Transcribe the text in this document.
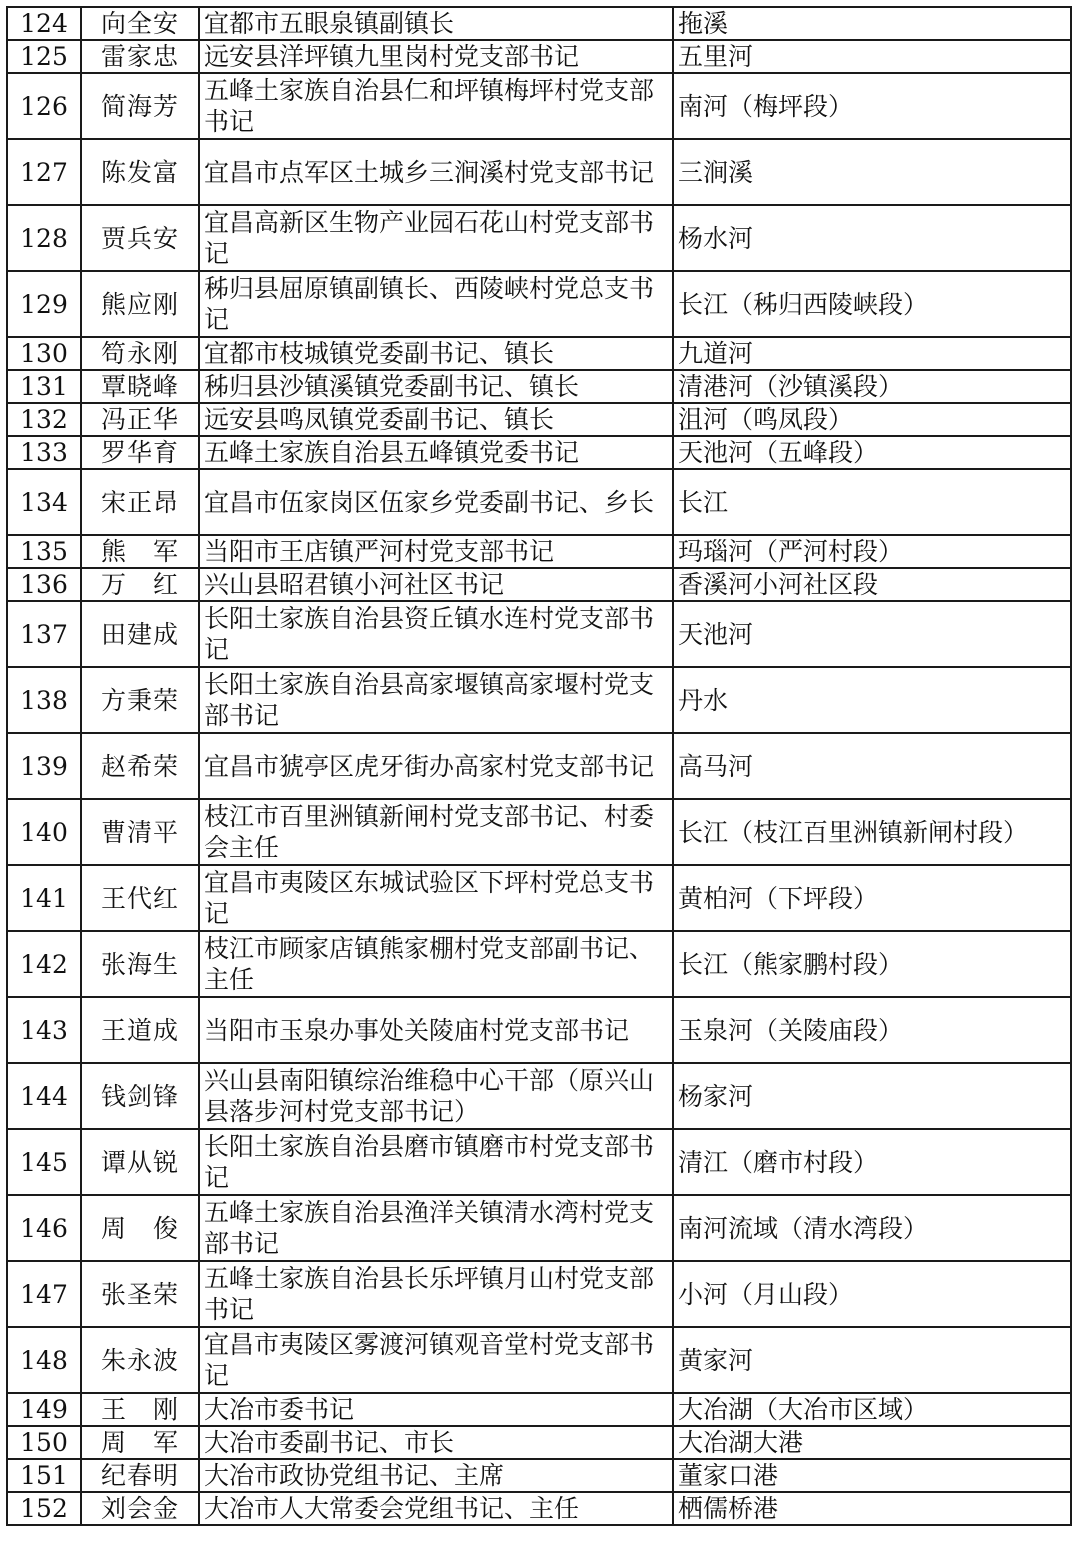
124	向全安	宜都市五眼泉镇副镇长	拖溪
125	雷家忠	远安县洋坪镇九里岗村党支部书记	五里河
126	简海芳	五峰土家族自治县仁和坪镇梅坪村党支部书记	南河（梅坪段）
127	陈发富	宜昌市点军区土城乡三涧溪村党支部书记	三涧溪
128	贾兵安	宜昌高新区生物产业园石花山村党支部书记	杨水河
129	熊应刚	秭归县屈原镇副镇长、西陵峡村党总支书记	长江（秭归西陵峡段）
130	笱永刚	宜都市枝城镇党委副书记、镇长	九道河
131	覃晓峰	秭归县沙镇溪镇党委副书记、镇长	清港河（沙镇溪段）
132	冯正华	远安县鸣凤镇党委副书记、镇长	沮河（鸣凤段）
133	罗华育	五峰土家族自治县五峰镇党委书记	天池河（五峰段）
134	宋正昂	宜昌市伍家岗区伍家乡党委副书记、乡长	长江
135	熊　军	当阳市王店镇严河村党支部书记	玛瑙河（严河村段）
136	万　红	兴山县昭君镇小河社区书记	香溪河小河社区段
137	田建成	长阳土家族自治县资丘镇水连村党支部书记	天池河
138	方秉荣	长阳土家族自治县高家堰镇高家堰村党支部书记	丹水
139	赵希荣	宜昌市猇亭区虎牙街办高家村党支部书记	高马河
140	曹清平	枝江市百里洲镇新闸村党支部书记、村委会主任	长江（枝江百里洲镇新闸村段）
141	王代红	宜昌市夷陵区东城试验区下坪村党总支书记	黄柏河（下坪段）
142	张海生	枝江市顾家店镇熊家棚村党支部副书记、主任	长江（熊家鹏村段）
143	王道成	当阳市玉泉办事处关陵庙村党支部书记	玉泉河（关陵庙段）
144	钱剑锋	兴山县南阳镇综治维稳中心干部（原兴山县落步河村党支部书记）	杨家河
145	谭从锐	长阳土家族自治县磨市镇磨市村党支部书记	清江（磨市村段）
146	周　俊	五峰土家族自治县渔洋关镇清水湾村党支部书记	南河流域（清水湾段）
147	张圣荣	五峰土家族自治县长乐坪镇月山村党支部书记	小河（月山段）
148	朱永波	宜昌市夷陵区雾渡河镇观音堂村党支部书记	黄家河
149	王　刚	大冶市委书记	大冶湖（大冶市区域）
150	周　军	大冶市委副书记、市长	大冶湖大港
151	纪春明	大冶市政协党组书记、主席	董家口港
152	刘会金	大冶市人大常委会党组书记、主任	栖儒桥港
